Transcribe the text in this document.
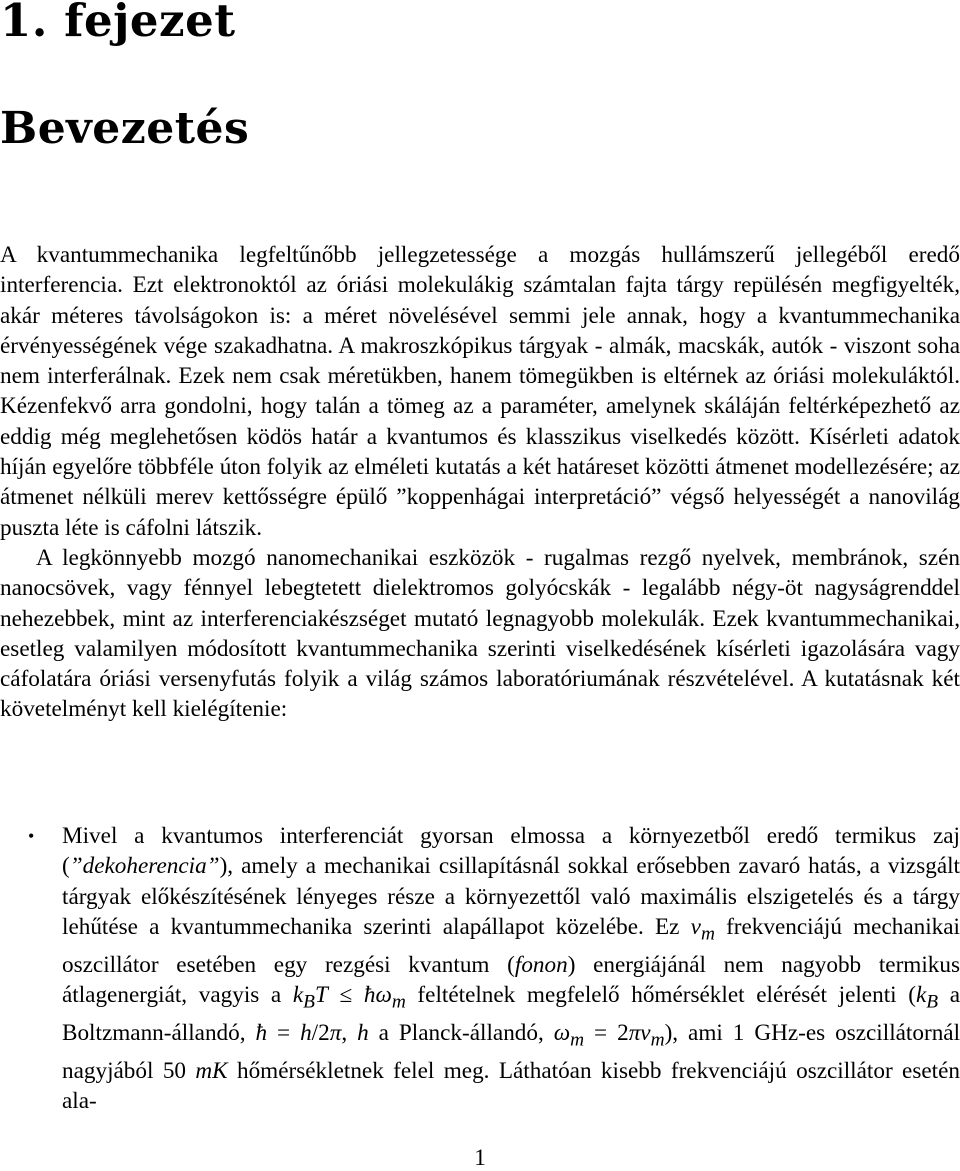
1. fejezet
Bevezetés

A kvantummechanika legfeltűnőbb jellegzetessége a mozgás hullámszerű jellegéből eredő interferencia. Ezt elektronoktól az óriási molekulákig számtalan fajta tárgy repülésén megfigyelték, akár méteres távolságokon is: a méret növelésével semmi jele annak, hogy a kvantummechanika érvényességének vége szakadhatna. A makroszkópikus tárgyak - almák, macskák, autók - viszont soha nem interferálnak. Ezek nem csak méretükben, hanem tömegükben is eltérnek az óriási molekuláktól. Kézenfekvő arra gondolni, hogy talán a tömeg az a paraméter, amelynek skáláján feltérképezhető az eddig még meglehetősen ködös határ a kvantumos és klasszikus viselkedés között. Kísérleti adatok híján egyelőre többféle úton folyik az elméleti kutatás a két határeset közötti átmenet modellezésére; az átmenet nélküli merev kettősségre épülő ”koppenhágai interpretáció” végső helyességét a nanovilág puszta léte is cáfolni látszik.

A legkönnyebb mozgó nanomechanikai eszközök - rugalmas rezgő nyelvek, membránok, szén nanocsövek, vagy fénnyel lebegtetett dielektromos golyócskák - legalább négy-öt nagyságrenddel nehezebbek, mint az interferenciakészséget mutató legnagyobb molekulák. Ezek kvantummechanikai, esetleg valamilyen módosított kvantummechanika szerinti viselkedésének kísérleti igazolására vagy cáfolatára óriási versenyfutás folyik a világ számos laboratóriumának részvételével. A kutatásnak két követelményt kell kielégítenie:

• Mivel a kvantumos interferenciát gyorsan elmossa a környezetből eredő termikus zaj (”dekoherencia”), amely a mechanikai csillapításnál sokkal erősebben zavaró hatás, a vizsgált tárgyak előkészítésének lényeges része a környezettől való maximális elszigetelés és a tárgy lehűtése a kvantummechanika szerinti alapállapot közelébe. Ez $\nu_m$ frekvenciájú mechanikai oszcillátor esetében egy rezgési kvantum (fonon) energiájánál nem nagyobb termikus átlagenergiát, vagyis a $k_BT$ ≤ $ħ\omega_m$ feltételnek megfelelő hőmérséklet elérését jelenti ($k_B$ a Boltzmann-állandó, ħ = h/2π, h a Planck-állandó, $\omega_m = 2\pi\nu_m$), ami 1 GHz-es oszcillátornál nagyjából 50 mK hőmérsékletnek felel meg. Láthatóan kisebb frekvenciájú oszcillátor esetén ala-
1
